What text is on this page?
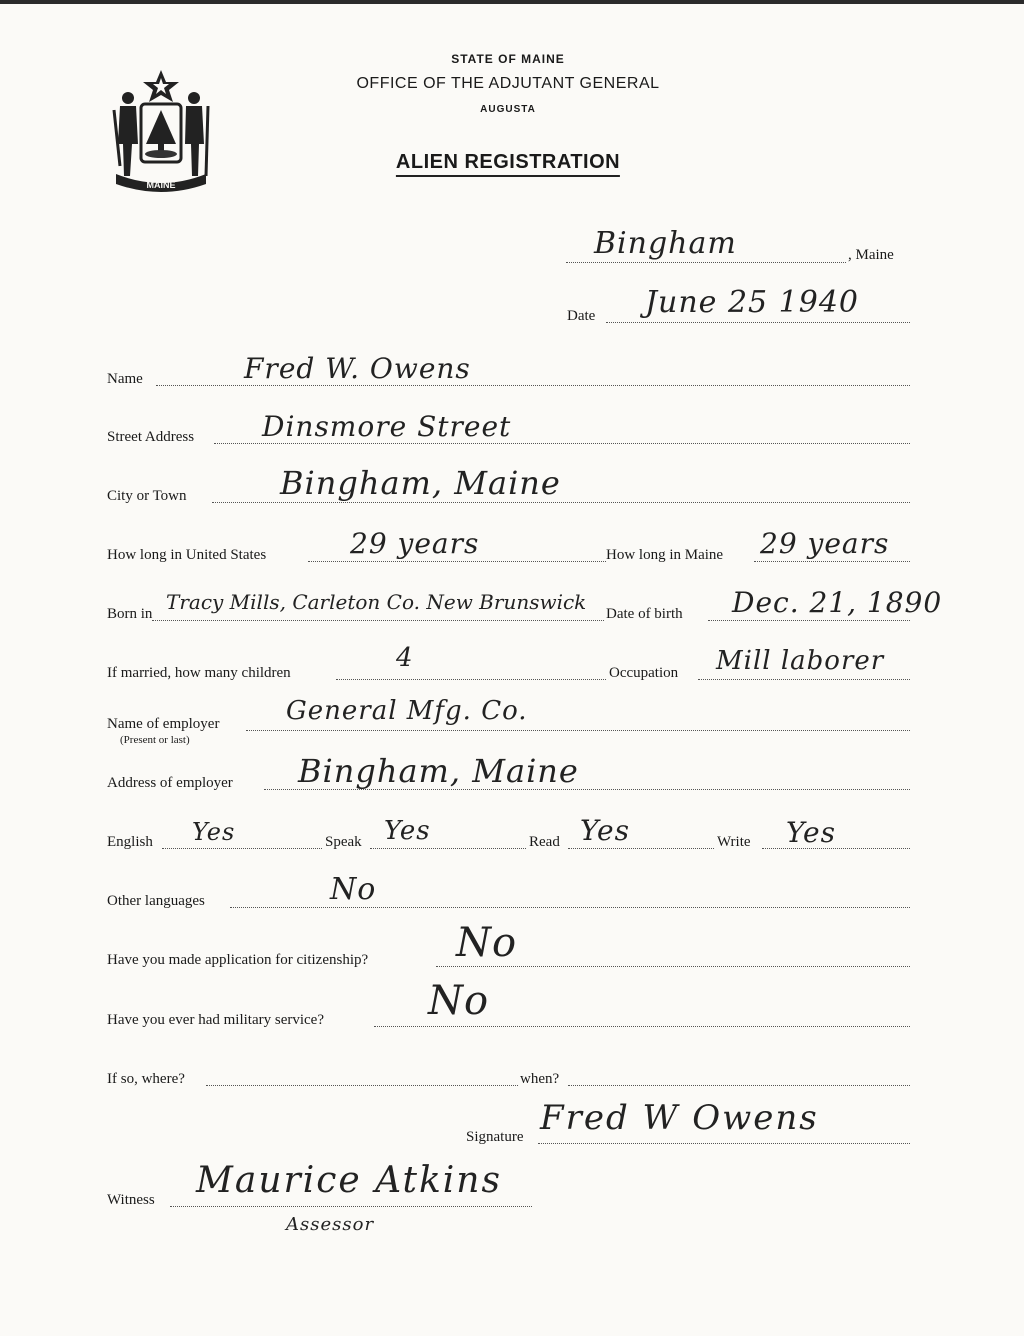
MAINE
STATE OF MAINE
OFFICE OF THE ADJUTANT GENERAL
AUGUSTA
ALIEN REGISTRATION
Bingham	, Maine
Date June 25 1940
Name	Fred W. Owens
Street Address Dinsmore Street
City or Town	Bingham, Maine
How long in United States	29 years	How long in Maine 29 years
Born in Tracy Mills, Carleton Co. New Brunswick Date of birth Dec. 21, 1890
If married, how many children	4	Occupation Mill laborer
Name of employer
(Present or last)
General Mfg. Co.
Address of employer Bingham, Maine
English Yes	Speak Yes	Read Yes	Write Yes
Other languages	No
Have you made application for citizenship? No
Have you ever had military service?	No
If so, where?	when?
Signature Fred W Owens
Witness Maurice Atkins
Assessor
